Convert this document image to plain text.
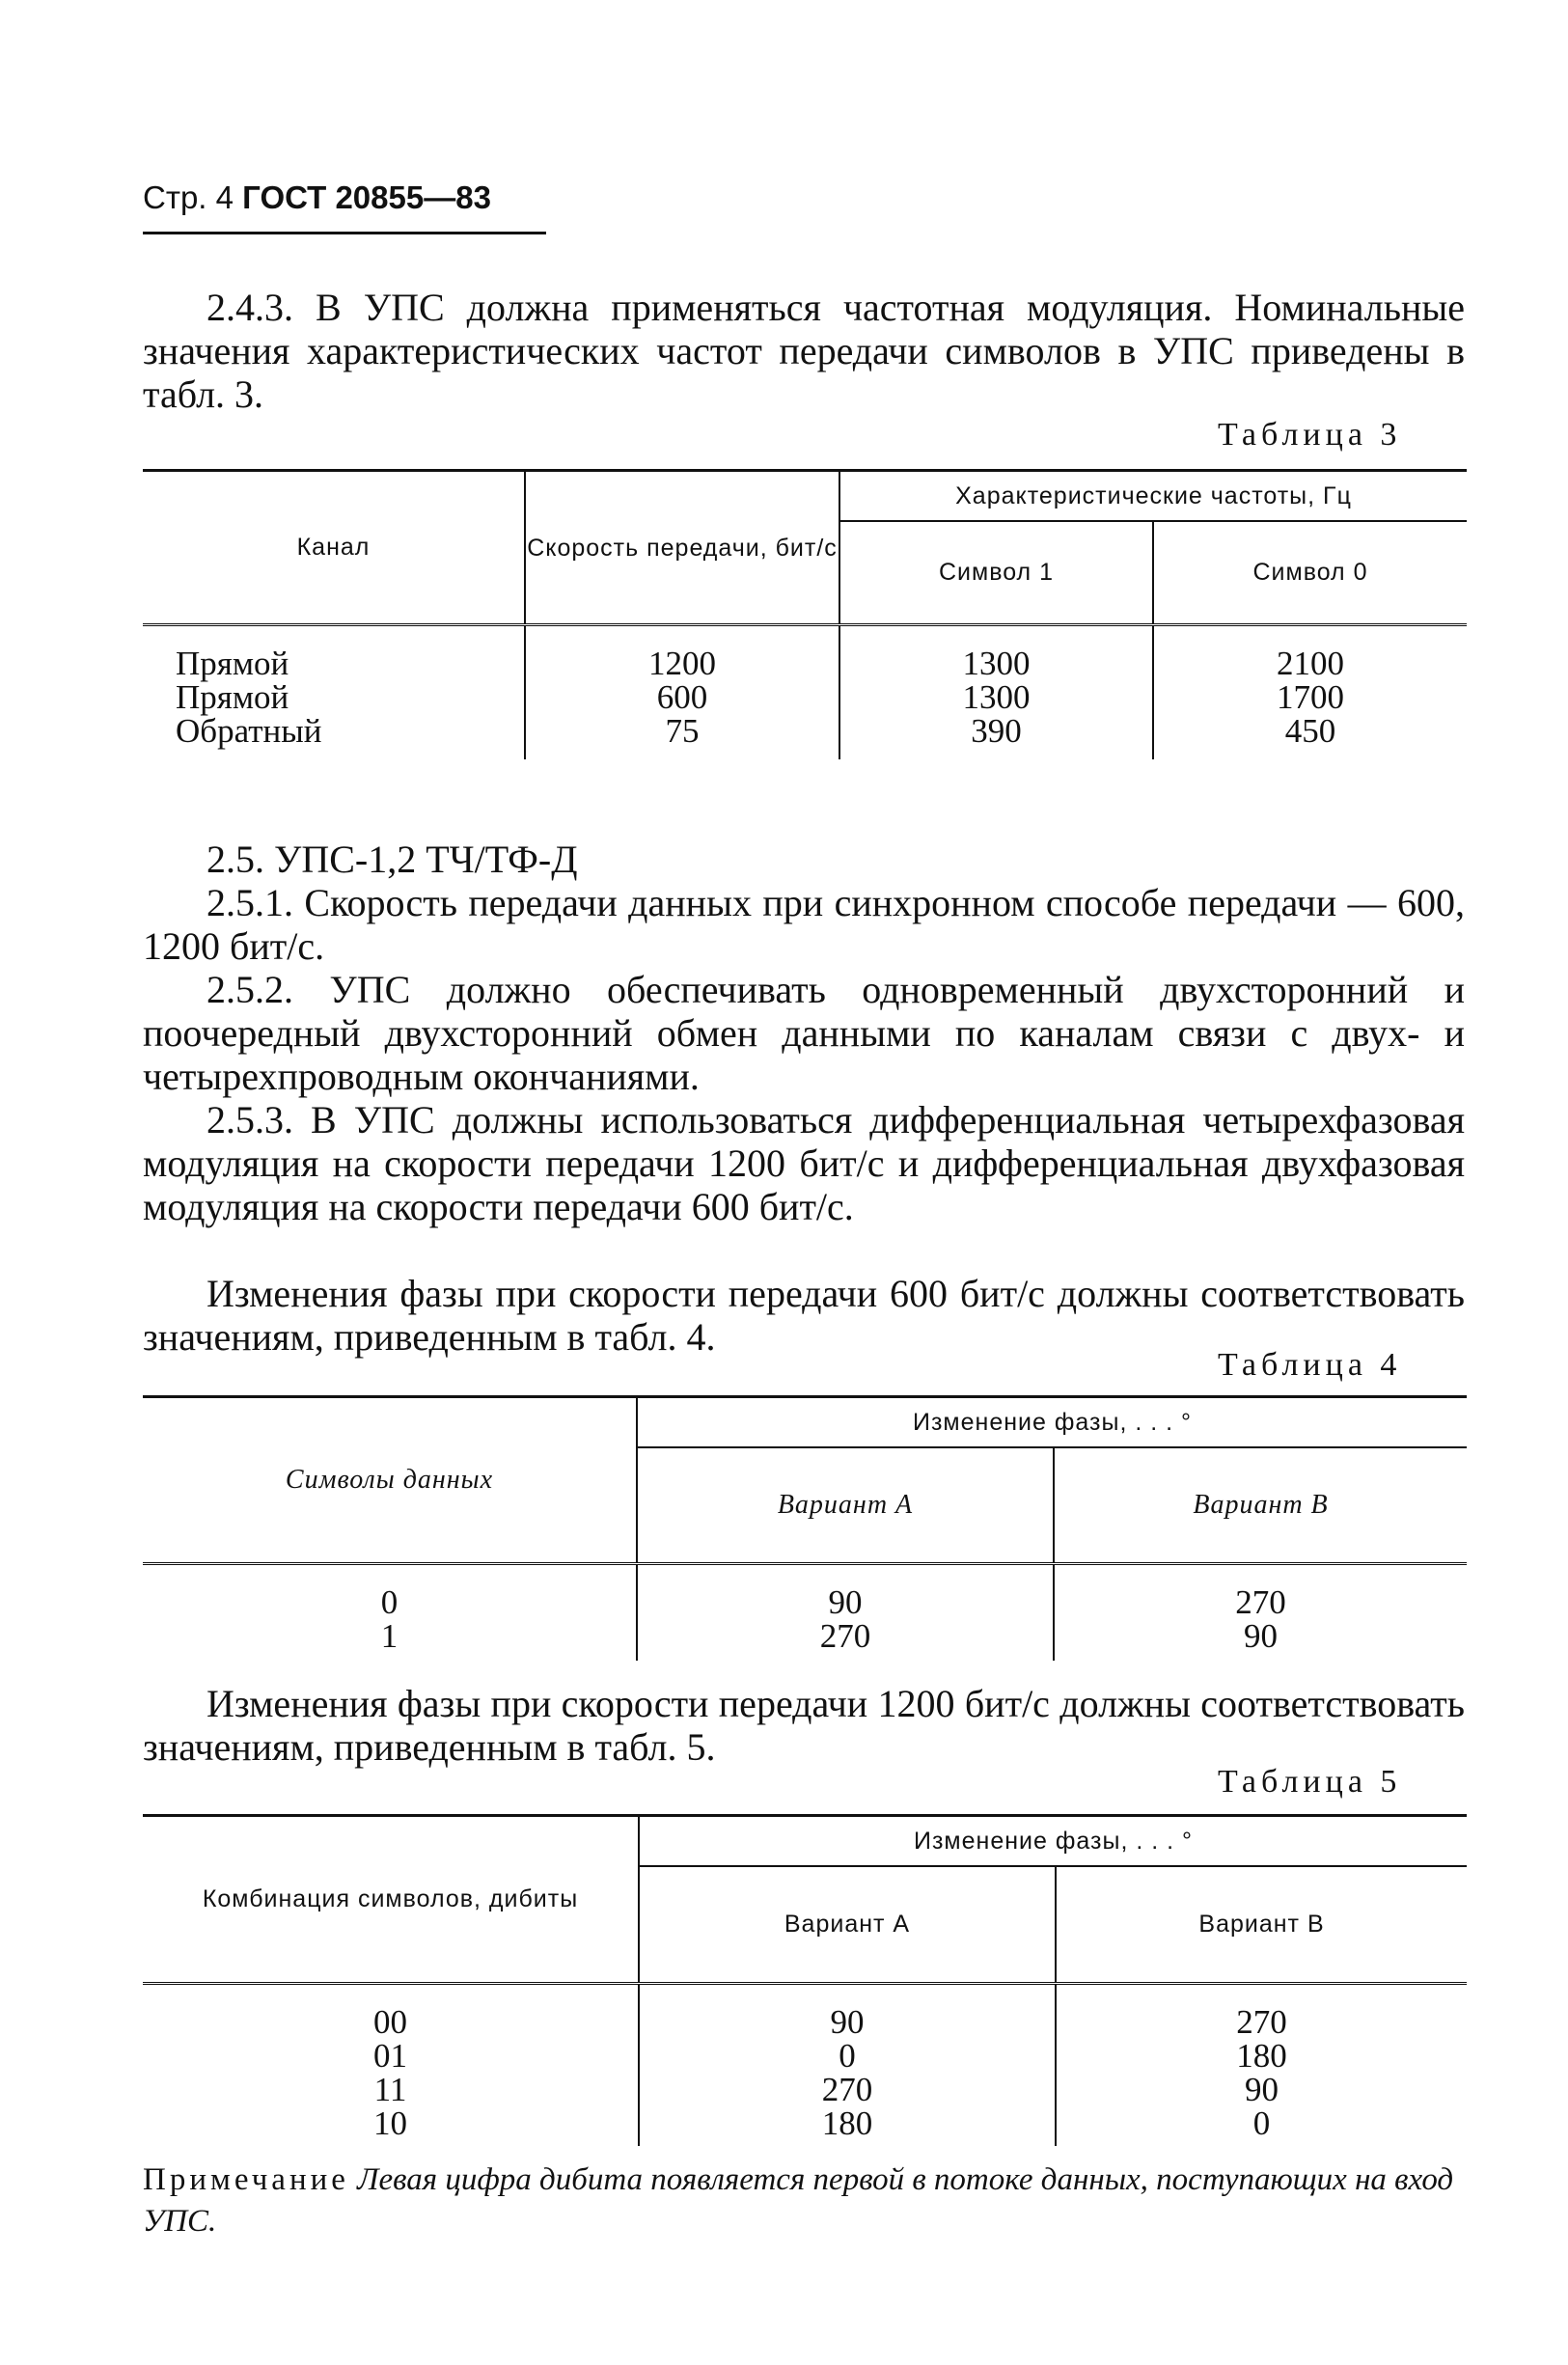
Стр. 4 ГОСТ 20855—83
2.4.3. В УПС должна применяться частотная модуляция. Номинальные значения характеристических частот передачи символов в УПС приведены в табл. 3.
Таблица 3
Канал	Скорость передачи, бит/с	Характеристические частоты, Гц	
		Символ 1	Символ 0

Прямой	1200	1300	2100
Прямой	600	1300	1700
Обратный	75	390	450
2.5. УПС-1,2 ТЧ/ТФ-Д
2.5.1. Скорость передачи данных при синхронном способе передачи — 600, 1200 бит/с.
2.5.2. УПС должно обеспечивать одновременный двухсторонний и поочередный двухсторонний обмен данными по каналам связи с двух- и четырехпроводным окончаниями.
2.5.3. В УПС должны использоваться дифференциальная четырехфазовая модуляция на скорости передачи 1200 бит/с и дифференциальная двухфазовая модуляция на скорости передачи 600 бит/с.
Изменения фазы при скорости передачи 600 бит/с должны соответствовать значениям, приведенным в табл. 4.
Таблица 4
Символы данных	Изменение фазы, . . . °	
	Вариант А	Вариант В

0	90	270
1	270	90
Изменения фазы при скорости передачи 1200 бит/с должны соответствовать значениям, приведенным в табл. 5.
Таблица 5
Комбинация символов, дибиты	Изменение фазы, . . . °	
	Вариант А	Вариант В

00	90	270
01	0	180
11	270	90
10	180	0
Примечание Левая цифра дибита появляется первой в потоке данных, поступающих на вход УПС.
